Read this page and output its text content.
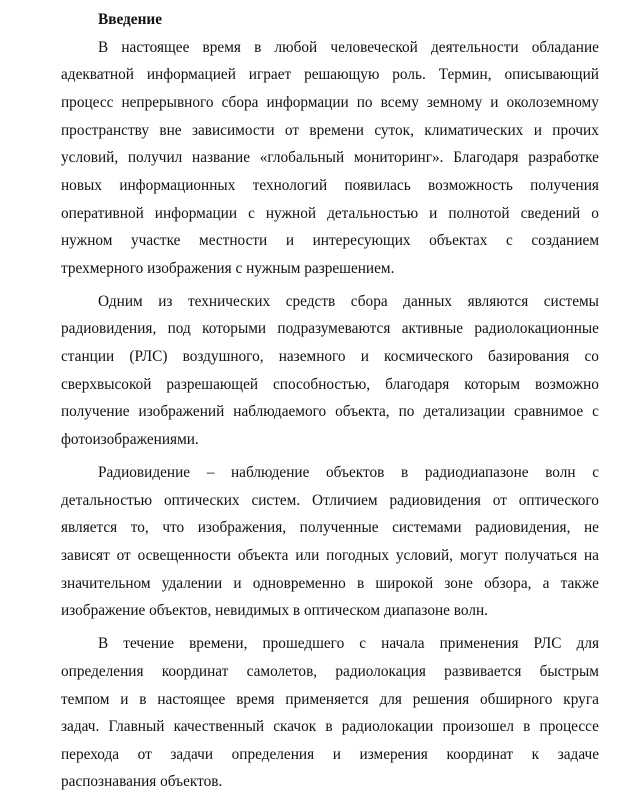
Введение
В настоящее время в любой человеческой деятельности обладание
адекватной информацией играет решающую роль. Термин, описывающий
процесс непрерывного сбора информации по всему земному и околоземному
пространству вне зависимости от времени суток, климатических и прочих
условий, получил название «глобальный мониторинг». Благодаря разработке
новых информационных технологий появилась возможность получения
оперативной информации с нужной детальностью и полнотой сведений о
нужном участке местности и интересующих объектах с созданием
трехмерного изображения с нужным разрешением.
Одним из технических средств сбора данных являются системы
радиовидения, под которыми подразумеваются активные радиолокационные
станции (РЛС) воздушного, наземного и космического базирования со
сверхвысокой разрешающей способностью, благодаря которым возможно
получение изображений наблюдаемого объекта, по детализации сравнимое с
фотоизображениями.
Радиовидение – наблюдение объектов в радиодиапазоне волн с
детальностью оптических систем. Отличием радиовидения от оптического
является то, что изображения, полученные системами радиовидения, не
зависят от освещенности объекта или погодных условий, могут получаться на
значительном удалении и одновременно в широкой зоне обзора, а также
изображение объектов, невидимых в оптическом диапазоне волн.
В течение времени, прошедшего с начала применения РЛС для
определения координат самолетов, радиолокация развивается быстрым
темпом и в настоящее время применяется для решения обширного круга
задач. Главный качественный скачок в радиолокации произошел в процессе
перехода от задачи определения и измерения координат к задаче
распознавания объектов.
